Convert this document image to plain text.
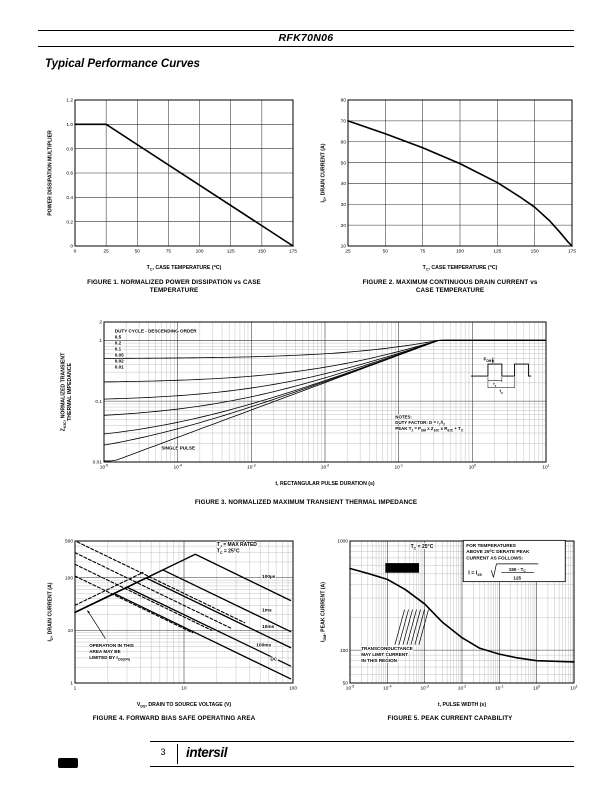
RFK70N06
Typical Performance Curves
0	25	50	75	100	125	150	175
0
0.2
0.4
0.6
0.8
1.0
1.2
$T_C$, CASE TEMPERATURE ($^o$C)
POWER DISSIPATION MULTIPLIER
25	50	75	100	125	150	175
10
20
30
40
50
60
70
80
$T_C$, CASE TEMPERATURE ($^o$C)
$I_D$, DRAIN CURRENT (A)
$10^{-5}$	$10^{-4}$	$10^{-3}$	$10^{-2}$	$10^{-1}$	$10^0$	$10^1$
0.01
0.1
1
2
t, RECTANGULAR PULSE DURATION (s)
$Z_{\theta JC}$, NORMALIZED TRANSIENT THERMAL IMPEDANCE
DUTY CYCLE - DESCENDING ORDER
0.5
0.2
0.1
0.05
0.02
0.01
SINGLE PULSE
NOTES:
DUTY FACTOR: $D = t_1/t_2$
PEAK $T_J = P_{DM}$ x $Z_{\theta JC}$ x $R_{\theta JC} + T_C$
$P_{DM}$
$t_1$
$t_2$
1	10	100
1
10
100
500
$V_{DS}$, DRAIN TO SOURCE VOLTAGE (V)
$I_D$, DRAIN CURRENT (A)
100µs
1ms
10ms
100ms
DC
$T_J$ = MAX RATED
$T_C = 25^oC$
OPERATION IN THIS
AREA MAY BE
LIMITED BY $r_{DS(ON)}$
$10^{-5}$	$10^{-4}$	$10^{-3}$	$10^{-2}$	$10^{-1}$	$10^0$	$10^1$
50
100
1000
t, PULSE WIDTH (s)
$I_{DM}$, PEAK CURRENT (A)
$T_C = 25^oC$	FOR TEMPERATURES
ABOVE 25$^o$C DERATE PEAK
CURRENT AS FOLLOWS:
$I = I_{25}$
$150 - T_C$
125
$V_{GS} = 10V$
TRANSCONDUCTANCE
MAY LIMIT CURRENT
IN THIS REGION
FIGURE 1. NORMALIZED POWER DISSIPATION vs CASE
TEMPERATURE
FIGURE 2. MAXIMUM CONTINUOUS DRAIN CURRENT vs
CASE TEMPERATURE
FIGURE 3. NORMALIZED MAXIMUM TRANSIENT THERMAL IMPEDANCE
FIGURE 4. FORWARD BIAS SAFE OPERATING AREA	FIGURE 5. PEAK CURRENT CAPABILITY
3	intersil
